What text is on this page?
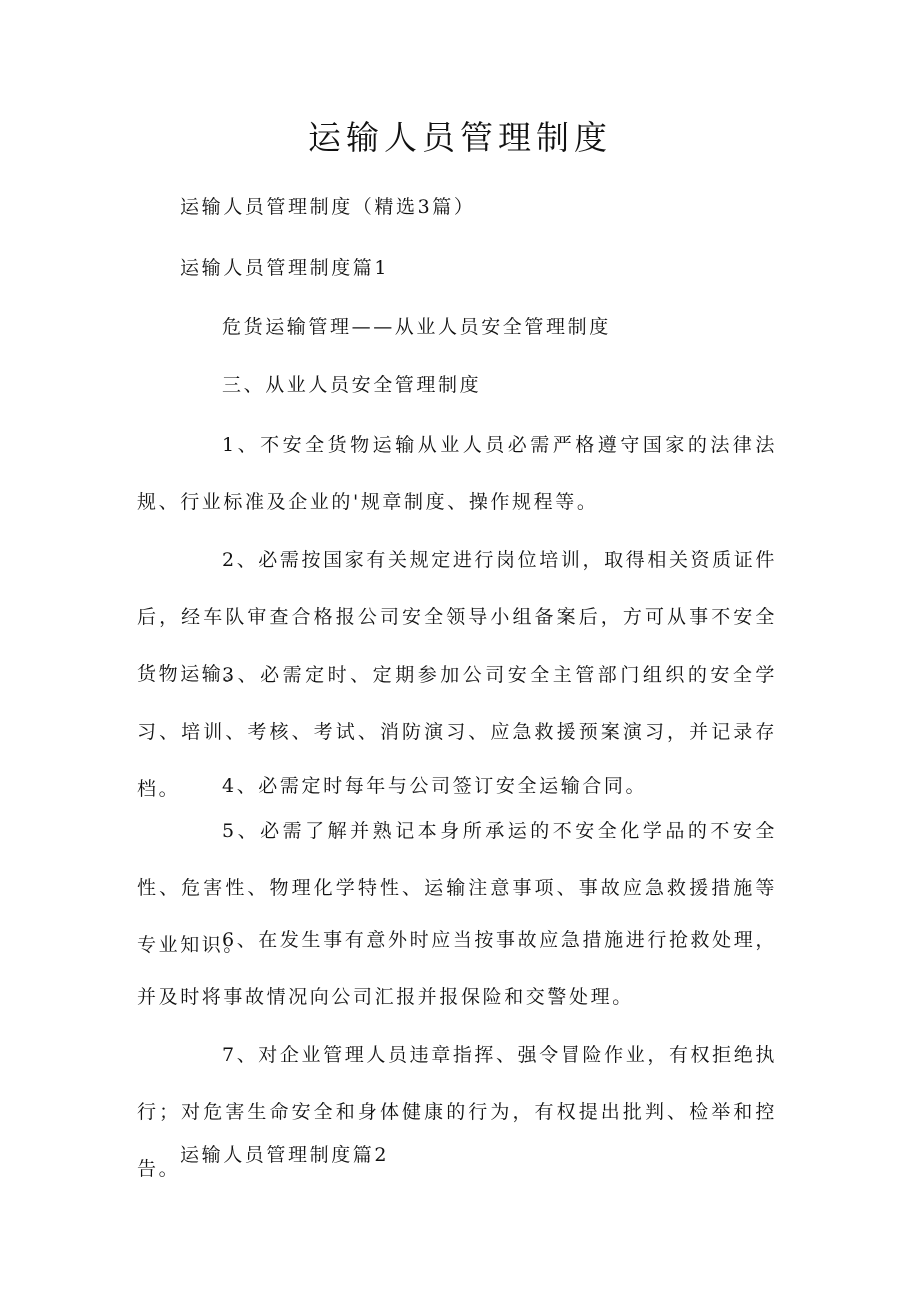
运输人员管理制度

运输人员管理制度（精选3篇）

运输人员管理制度篇1

危货运输管理——从业人员安全管理制度

三、从业人员安全管理制度

1、不安全货物运输从业人员必需严格遵守国家的法律法规、行业标准及企业的'规章制度、操作规程等。

2、必需按国家有关规定进行岗位培训，取得相关资质证件后，经车队审查合格报公司安全领导小组备案后，方可从事不安全货物运输。

3、必需定时、定期参加公司安全主管部门组织的安全学习、培训、考核、考试、消防演习、应急救援预案演习，并记录存档。	4、必需定时每年与公司签订安全运输合同。

5、必需了解并熟记本身所承运的不安全化学品的不安全性、危害性、物理化学特性、运输注意事项、事故应急救援措施等专业知识。

6、在发生事有意外时应当按事故应急措施进行抢救处理，并及时将事故情况向公司汇报并报保险和交警处理。

7、对企业管理人员违章指挥、强令冒险作业，有权拒绝执行；对危害生命安全和身体健康的行为，有权提出批判、检举和控告。

运输人员管理制度篇2
